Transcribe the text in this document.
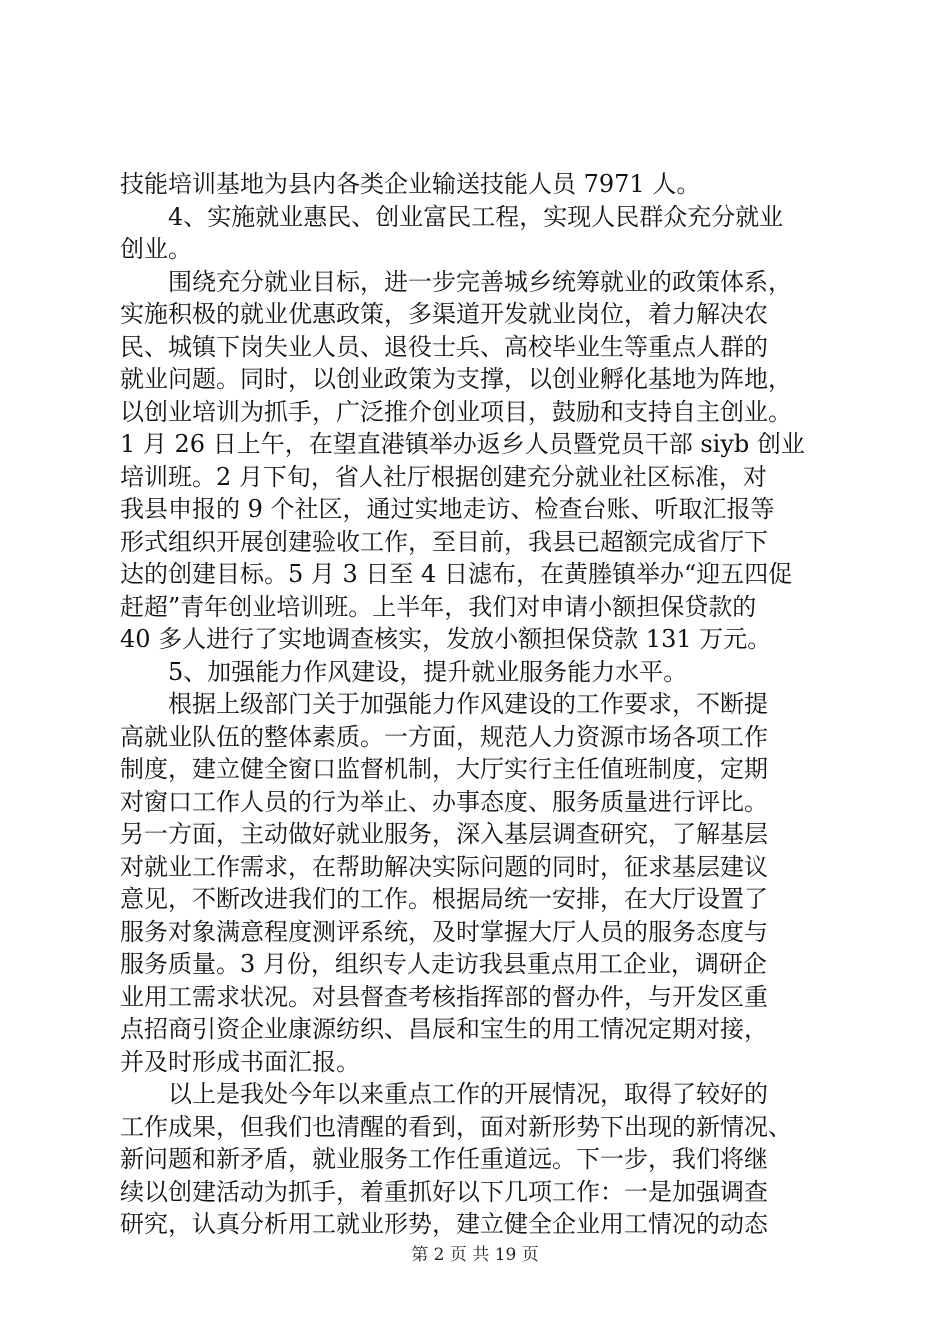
技能培训基地为县内各类企业输送技能人员 7971 人。
　　4、实施就业惠民、创业富民工程，实现人民群众充分就业
创业。
　　围绕充分就业目标，进一步完善城乡统筹就业的政策体系，
实施积极的就业优惠政策，多渠道开发就业岗位，着力解决农
民、城镇下岗失业人员、退役士兵、高校毕业生等重点人群的
就业问题。同时，以创业政策为支撑，以创业孵化基地为阵地，
以创业培训为抓手，广泛推介创业项目，鼓励和支持自主创业。
1 月 26 日上午，在望直港镇举办返乡人员暨党员干部 siyb 创业
培训班。2 月下旬，省人社厅根据创建充分就业社区标准，对
我县申报的 9 个社区，通过实地走访、检查台账、听取汇报等
形式组织开展创建验收工作，至目前，我县已超额完成省厅下
达的创建目标。5 月 3 日至 4 日滤布，在黄塍镇举办“迎五四促
赶超”青年创业培训班。上半年，我们对申请小额担保贷款的
40 多人进行了实地调查核实，发放小额担保贷款 131 万元。
　　5、加强能力作风建设，提升就业服务能力水平。
　　根据上级部门关于加强能力作风建设的工作要求，不断提
高就业队伍的整体素质。一方面，规范人力资源市场各项工作
制度，建立健全窗口监督机制，大厅实行主任值班制度，定期
对窗口工作人员的行为举止、办事态度、服务质量进行评比。
另一方面，主动做好就业服务，深入基层调查研究，了解基层
对就业工作需求，在帮助解决实际问题的同时，征求基层建议
意见，不断改进我们的工作。根据局统一安排，在大厅设置了
服务对象满意程度测评系统，及时掌握大厅人员的服务态度与
服务质量。3 月份，组织专人走访我县重点用工企业，调研企
业用工需求状况。对县督查考核指挥部的督办件，与开发区重
点招商引资企业康源纺织、昌辰和宝生的用工情况定期对接，
并及时形成书面汇报。
　　以上是我处今年以来重点工作的开展情况，取得了较好的
工作成果，但我们也清醒的看到，面对新形势下出现的新情况、
新问题和新矛盾，就业服务工作任重道远。下一步，我们将继
续以创建活动为抓手，着重抓好以下几项工作：一是加强调查
研究，认真分析用工就业形势，建立健全企业用工情况的动态
第 2 页 共 19 页
